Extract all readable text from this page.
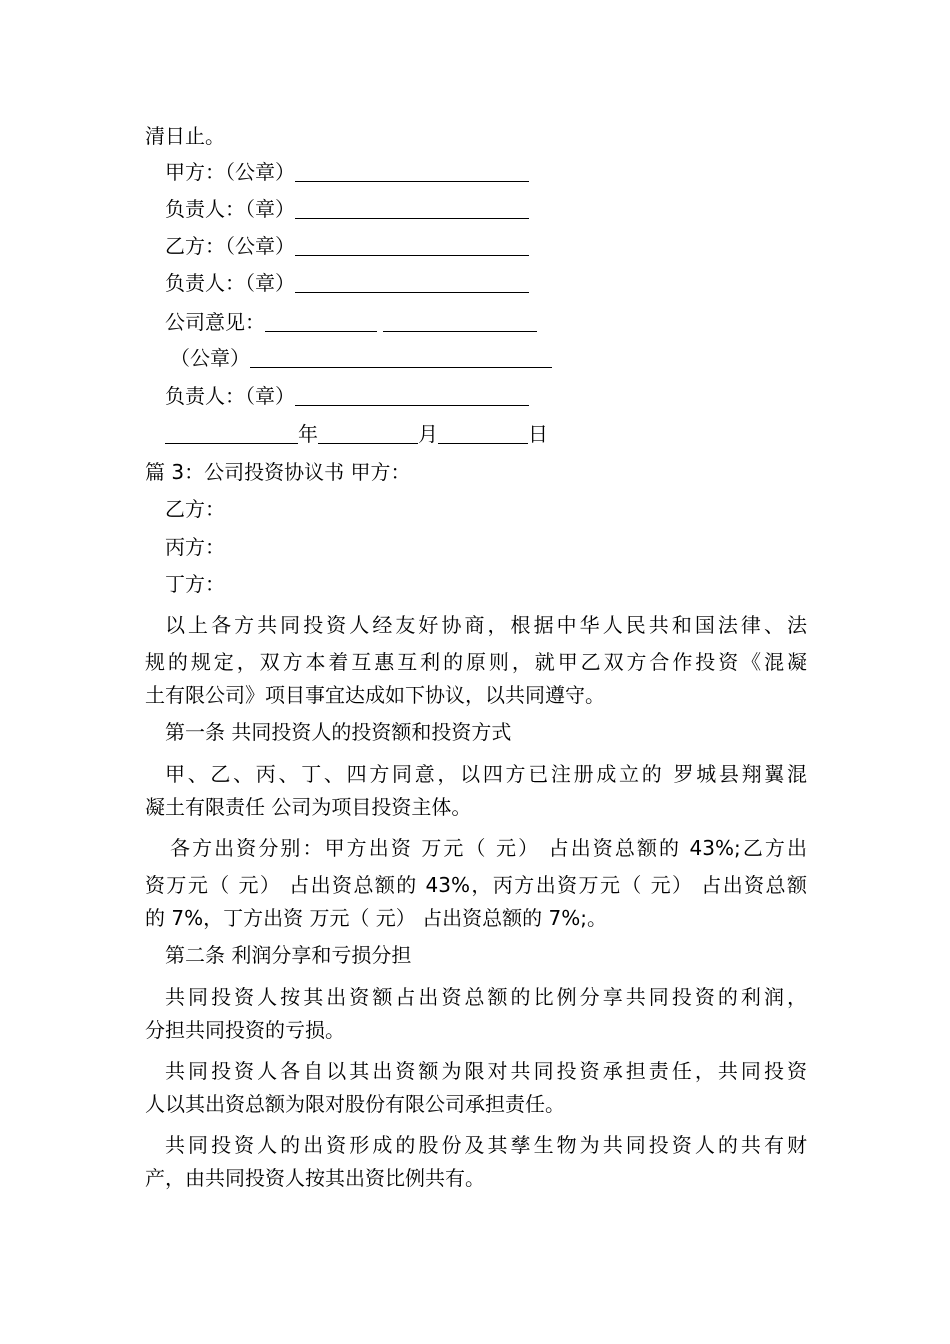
清日止。
甲方：（公章）
负责人：（章）
乙方：（公章）
负责人：（章）
公司意见：
（公章）
负责人：（章）
年	月	日
篇 3：公司投资协议书 甲方：
乙方：
丙方：
丁方：
以上各方共同投资人经友好协商，根据中华人民共和国法律、法
规的规定，双方本着互惠互利的原则，就甲乙双方合作投资《混凝
土有限公司》项目事宜达成如下协议，以共同遵守。
第一条 共同投资人的投资额和投资方式
甲、乙、丙、丁、四方同意，以四方已注册成立的 罗城县翔翼混
凝土有限责任 公司为项目投资主体。
各方出资分别：甲方出资 万元（ 元） 占出资总额的 43%;乙方出
资万元（ 元） 占出资总额的 43%，丙方出资万元（ 元） 占出资总额
的 7%，丁方出资 万元（ 元） 占出资总额的 7%;。
第二条 利润分享和亏损分担
共同投资人按其出资额占出资总额的比例分享共同投资的利润，
分担共同投资的亏损。
共同投资人各自以其出资额为限对共同投资承担责任，共同投资
人以其出资总额为限对股份有限公司承担责任。
共同投资人的出资形成的股份及其孳生物为共同投资人的共有财
产，由共同投资人按其出资比例共有。
